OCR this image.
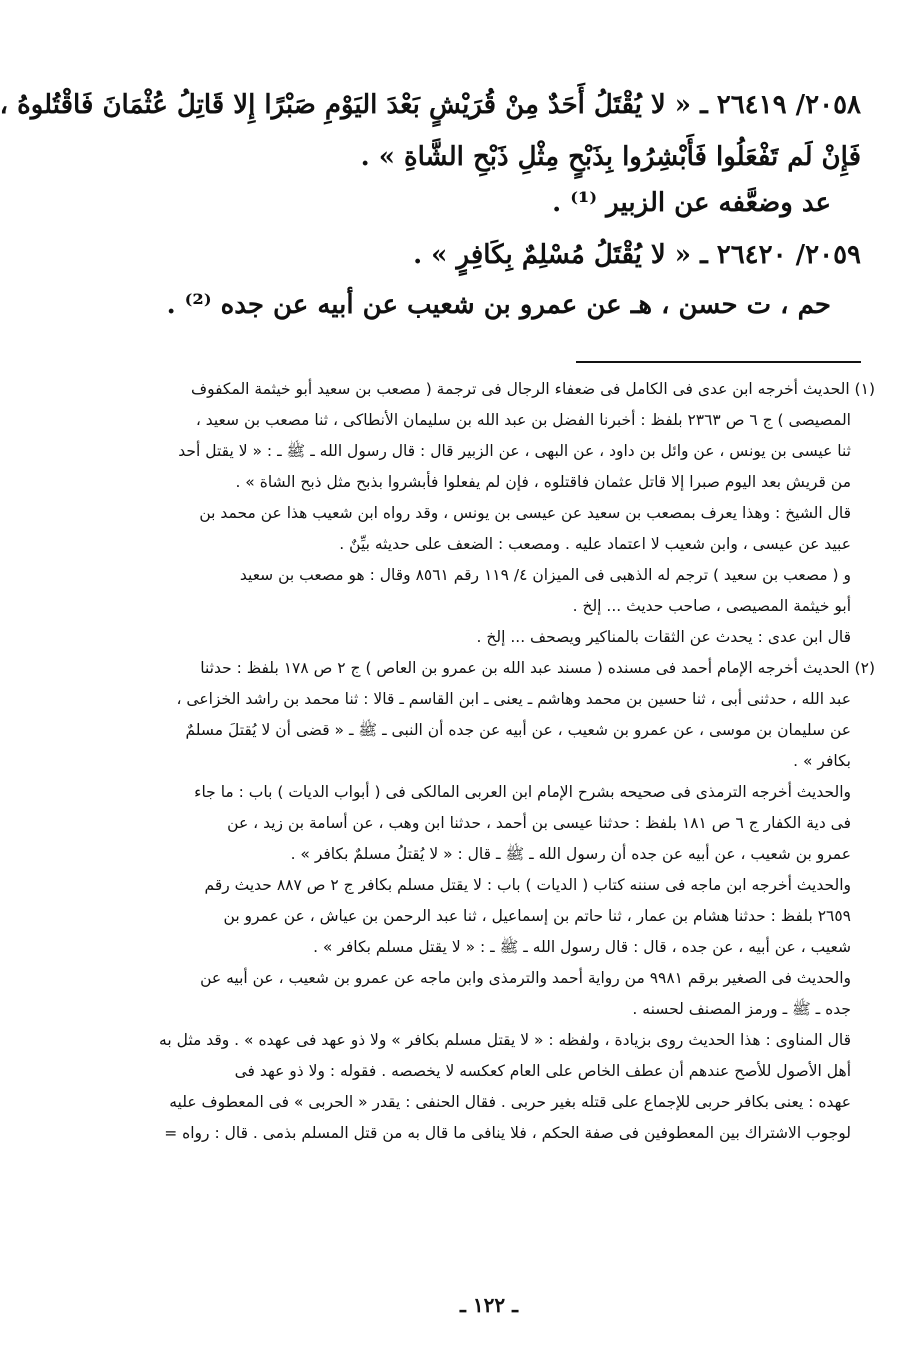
٢٠٥٨/ ٢٦٤١٩ ـ « لا يُقْتَلُ أَحَدٌ مِنْ قُرَيْشٍ بَعْدَ اليَوْمِ صَبْرًا إِلا قَاتِلُ عُثْمَانَ فَاقْتُلوهُ ،
فَإِنْ لَم تَفْعَلُوا فَأَبْشِرُوا بِذَبْحٍ مِثْلِ ذَبْحِ الشَّاةِ » .
عد وضعَّفه عن الزبير ⁽¹⁾ .
٢٠٥٩/ ٢٦٤٢٠ ـ « لا يُقْتَلُ مُسْلِمٌ بِكَافِرٍ » .
حم ، ت حسن ، هـ عن عمرو بن شعيب عن أبيه عن جده ⁽²⁾ .
(١) الحديث أخرجه ابن عدى فى الكامل فى ضعفاء الرجال فى ترجمة ( مصعب بن سعيد أبو خيثمة المكفوف
المصيصى ) ج ٦ ص ٢٣٦٣ بلفظ : أخبرنا الفضل بن عبد الله بن سليمان الأنطاكى ، ثنا مصعب بن سعيد ،
ثنا عيسى بن يونس ، عن وائل بن داود ، عن البهى ، عن الزبير قال : قال رسول الله ـ ﷺ ـ : « لا يقتل أحد
من قريش بعد اليوم صبرا إلا قاتل عثمان فاقتلوه ، فإن لم يفعلوا فأبشروا بذبح مثل ذبح الشاة » .
قال الشيخ : وهذا يعرف بمصعب بن سعيد عن عيسى بن يونس ، وقد رواه ابن شعيب هذا عن محمد بن
عبيد عن عيسى ، وابن شعيب لا اعتماد عليه . ومصعب : الضعف على حديثه بيِّنٌ .
و ( مصعب بن سعيد ) ترجم له الذهبى فى الميزان ٤/ ١١٩ رقم ٨٥٦١ وقال : هو مصعب بن سعيد
أبو خيثمة المصيصى ، صاحب حديث ... إلخ .
قال ابن عدى : يحدث عن الثقات بالمناكير ويصحف ... إلخ .
(٢) الحديث أخرجه الإمام أحمد فى مسنده ( مسند عبد الله بن عمرو بن العاص ) ج ٢ ص ١٧٨ بلفظ : حدثنا
عبد الله ، حدثنى أبى ، ثنا حسين بن محمد وهاشم ـ يعنى ـ ابن القاسم ـ قالا : ثنا محمد بن راشد الخزاعى ،
عن سليمان بن موسى ، عن عمرو بن شعيب ، عن أبيه عن جده أن النبى ـ ﷺ ـ « قضى أن لا يُقتلَ مسلمٌ
بكافر » .
والحديث أخرجه الترمذى فى صحيحه بشرح الإمام ابن العربى المالكى فى ( أبواب الديات ) باب : ما جاء
فى دية الكفار ج ٦ ص ١٨١ بلفظ : حدثنا عيسى بن أحمد ، حدثنا ابن وهب ، عن أسامة بن زيد ، عن
عمرو بن شعيب ، عن أبيه عن جده أن رسول الله ـ ﷺ ـ قال : « لا يُقتلُ مسلمٌ بكافر » .
والحديث أخرجه ابن ماجه فى سننه كتاب ( الديات ) باب : لا يقتل مسلم بكافر ج ٢ ص ٨٨٧ حديث رقم
٢٦٥٩ بلفظ : حدثنا هشام بن عمار ، ثنا حاتم بن إسماعيل ، ثنا عبد الرحمن بن عياش ، عن عمرو بن
شعيب ، عن أبيه ، عن جده ، قال : قال رسول الله ـ ﷺ ـ : « لا يقتل مسلم بكافر » .
والحديث فى الصغير برقم ٩٩٨١ من رواية أحمد والترمذى وابن ماجه عن عمرو بن شعيب ، عن أبيه عن
جده ـ ﷺ ـ ورمز المصنف لحسنه .
قال المناوى : هذا الحديث روى بزيادة ، ولفظه : « لا يقتل مسلم بكافر » ولا ذو عهد فى عهده » . وقد مثل به
أهل الأصول للأصح عندهم أن عطف الخاص على العام كعكسه لا يخصصه . فقوله : ولا ذو عهد فى
عهده : يعنى بكافر حربى للإجماع على قتله بغير حربى . فقال الحنفى : يقدر « الحربى » فى المعطوف عليه
لوجوب الاشتراك بين المعطوفين فى صفة الحكم ، فلا ينافى ما قال به من قتل المسلم بذمى . قال : رواه =
ـ ١٢٢ ـ
